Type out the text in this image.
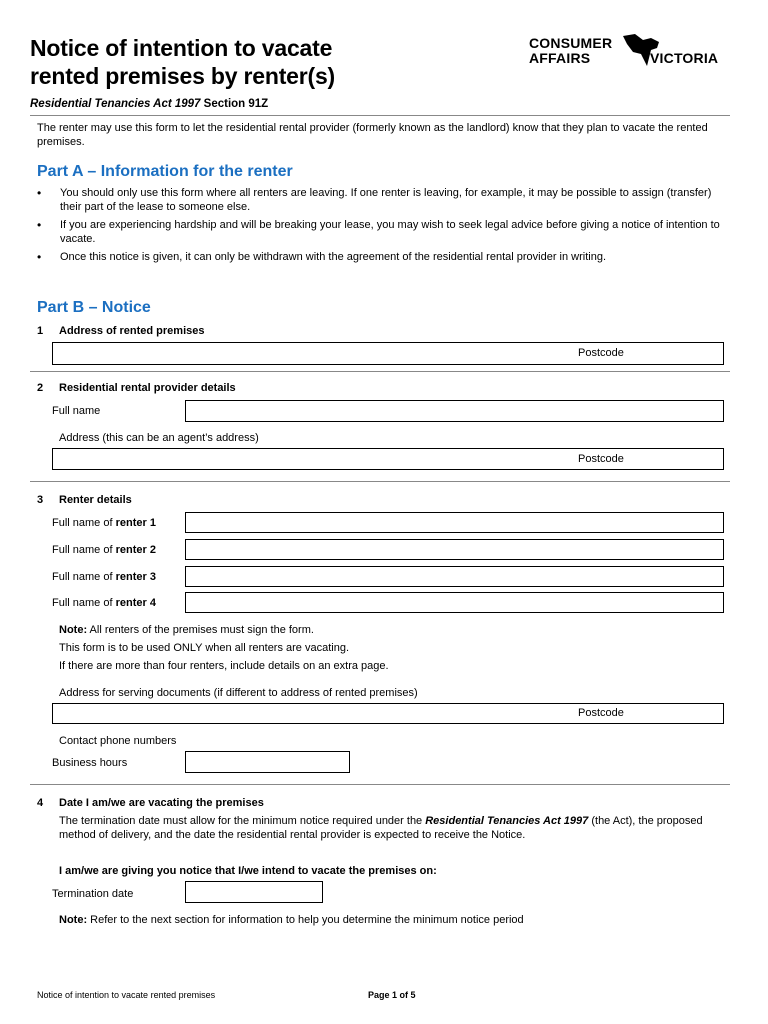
Notice of intention to vacate
rented premises by renter(s)
CONSUMER
AFFAIRS	VICTORIA
Residential Tenancies Act 1997 Section 91Z
The renter may use this form to let the residential rental provider (formerly known as the landlord) know that they plan to vacate the rented premises.
Part A – Information for the renter
• You should only use this form where all renters are leaving. If one renter is leaving, for example, it may be possible to assign (transfer) their part of the lease to someone else.
• If you are experiencing hardship and will be breaking your lease, you may wish to seek legal advice before giving a notice of intention to vacate.
• Once this notice is given, it can only be withdrawn with the agreement of the residential rental provider in writing.
Part B – Notice
1 Address of rented premises
Postcode
2 Residential rental provider details
Full name
Address (this can be an agent’s address)
Postcode
3 Renter details
Full name of renter 1
Full name of renter 2
Full name of renter 3
Full name of renter 4
Note: All renters of the premises must sign the form.
This form is to be used ONLY when all renters are vacating.
If there are more than four renters, include details on an extra page.
Address for serving documents (if different to address of rented premises)
Postcode
Contact phone numbers
Business hours
4 Date I am/we are vacating the premises
The termination date must allow for the minimum notice required under the Residential Tenancies Act 1997 (the Act), the proposed method of delivery, and the date the residential rental provider is expected to receive the Notice.
I am/we are giving you notice that I/we intend to vacate the premises on:
Termination date
Note: Refer to the next section for information to help you determine the minimum notice period
Notice of intention to vacate rented premises	Page 1 of 5
